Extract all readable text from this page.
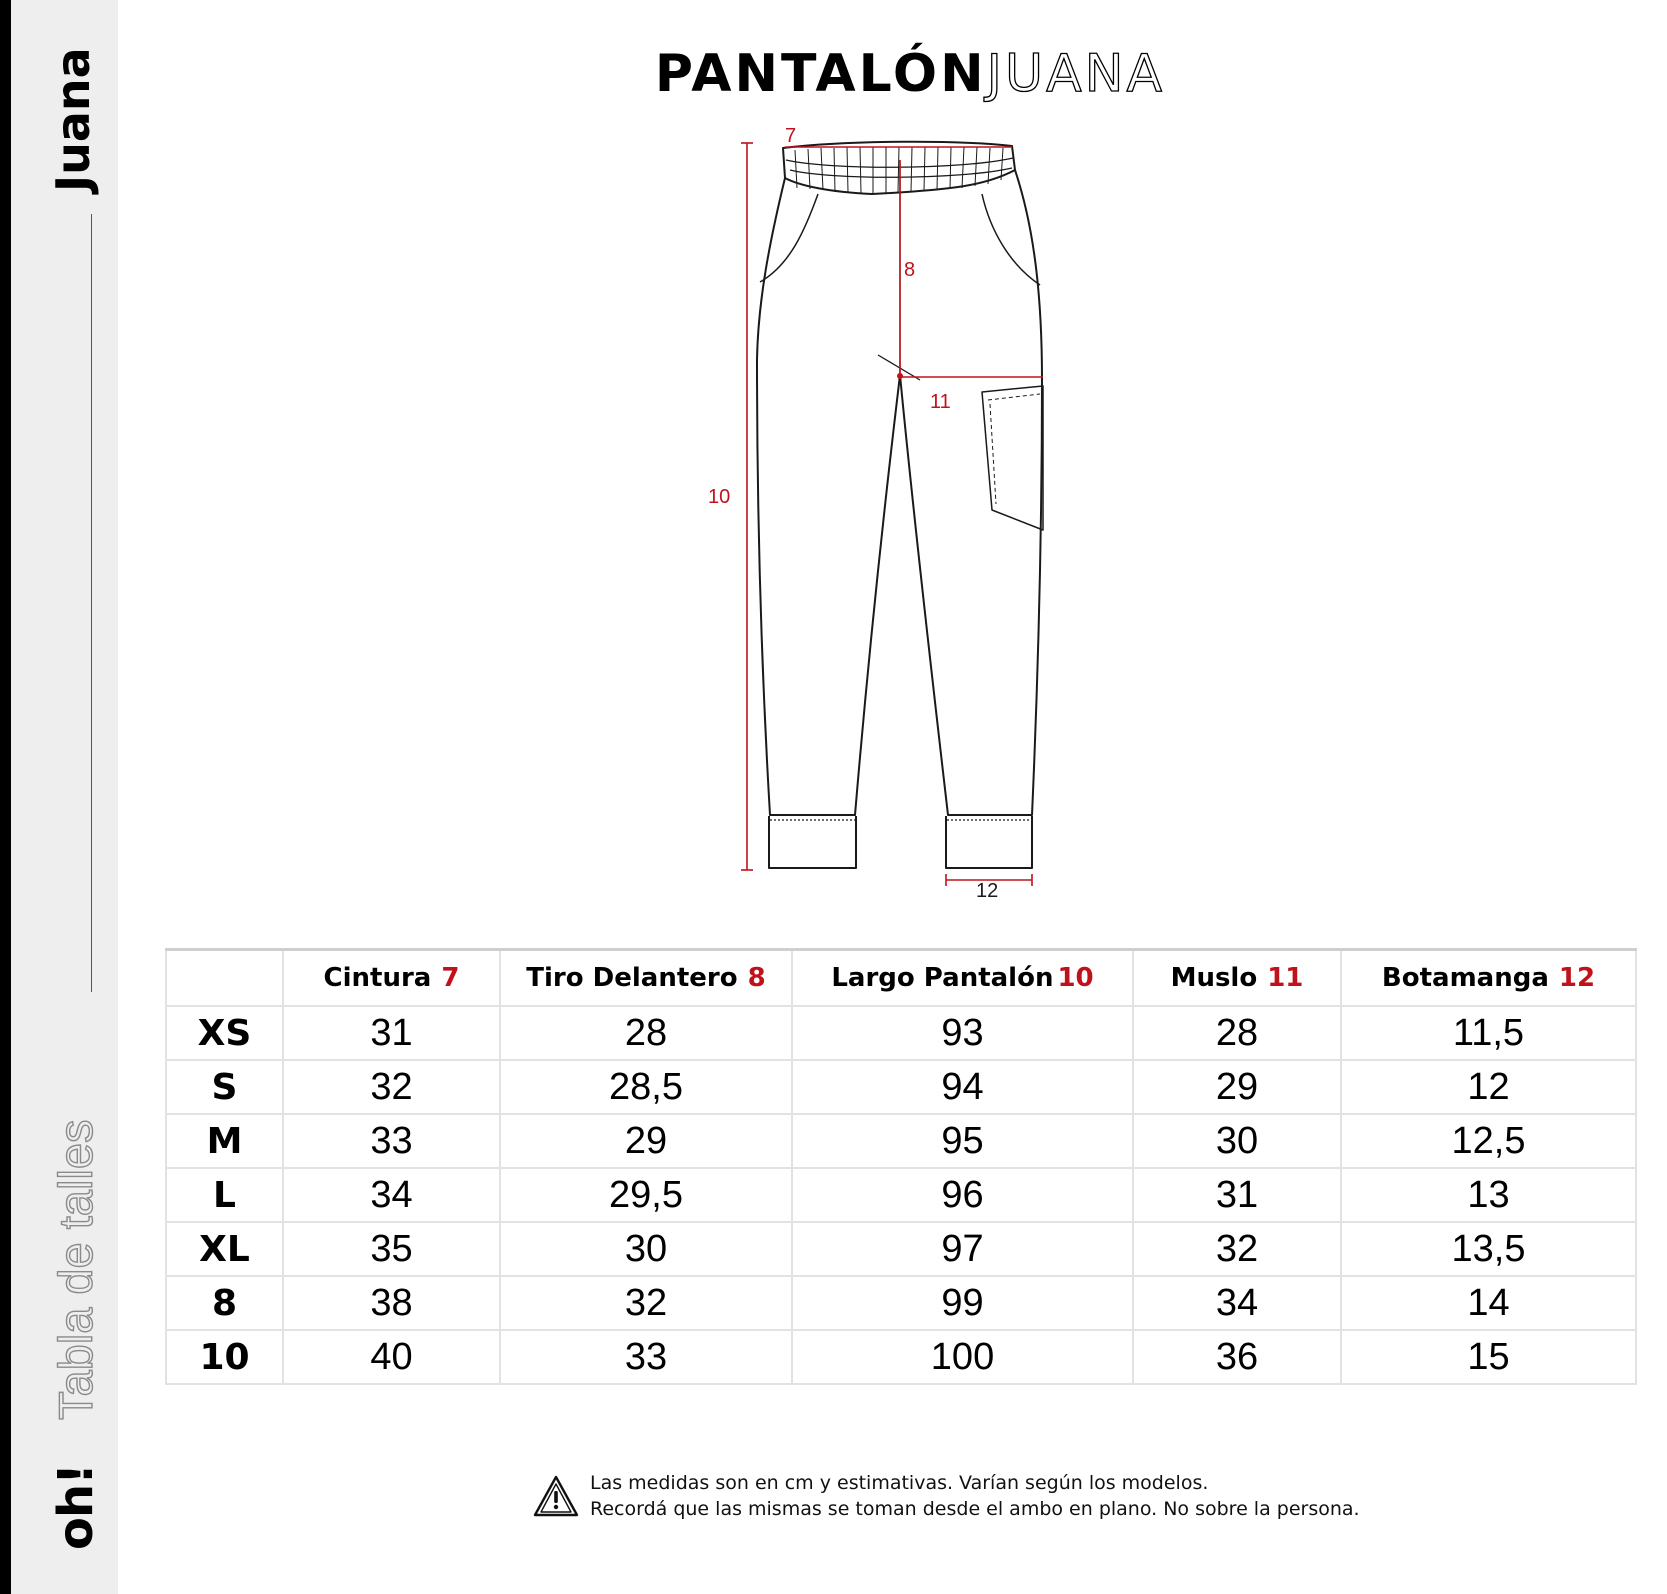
Juana
Tabla de talles
oh!
PANTALÓNJUANA
7
8
11
10
12
	Cintura 7	Tiro Delantero 8	Largo Pantalón 10	Muslo 11	Botamanga 12
XS	31	28	93	28	11,5
S	32	28,5	94	29	12
M	33	29	95	30	12,5
L	34	29,5	96	31	13
XL	35	30	97	32	13,5
8	38	32	99	34	14
10	40	33	100	36	15
Las medidas son en cm y estimativas. Varían según los modelos.
Recordá que las mismas se toman desde el ambo en plano. No sobre la persona.
